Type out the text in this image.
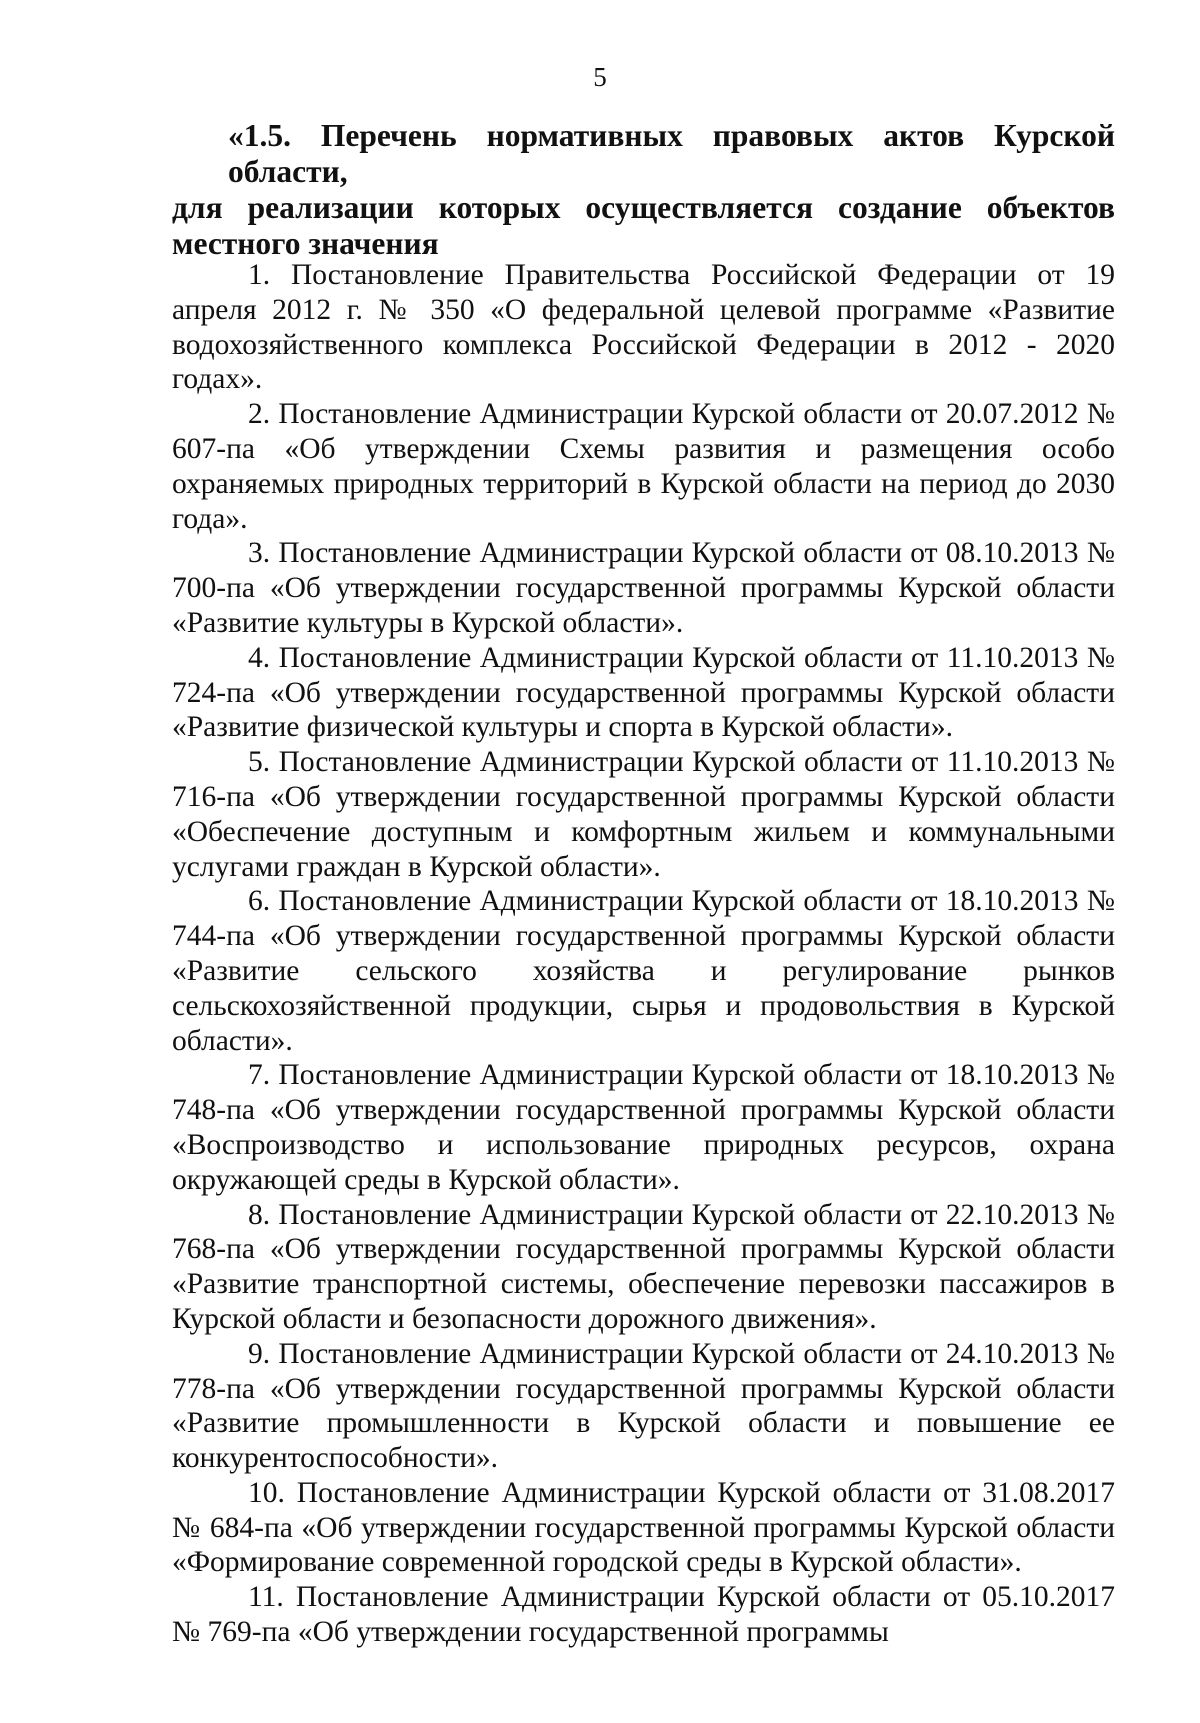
5
«1.5. Перечень нормативных правовых актов Курской области,
для реализации которых осуществляется создание объектов местного значения
1. Постановление Правительства Российской Федерации от 19 апреля 2012 г. № 350 «О федеральной целевой программе «Развитие водохозяйственного комплекса Российской Федерации в 2012 - 2020 годах».
2. Постановление Администрации Курской области от 20.07.2012 № 607-па «Об утверждении Схемы развития и размещения особо охраняемых природных территорий в Курской области на период до 2030 года».
3. Постановление Администрации Курской области от 08.10.2013 № 700-па «Об утверждении государственной программы Курской области «Развитие культуры в Курской области».
4. Постановление Администрации Курской области от 11.10.2013 № 724-па «Об утверждении государственной программы Курской области «Развитие физической культуры и спорта в Курской области».
5. Постановление Администрации Курской области от 11.10.2013 № 716-па «Об утверждении государственной программы Курской области «Обеспечение доступным и комфортным жильем и коммунальными услугами граждан в Курской области».
6. Постановление Администрации Курской области от 18.10.2013 № 744-па «Об утверждении государственной программы Курской области «Развитие сельского хозяйства и регулирование рынков сельскохозяйственной продукции, сырья и продовольствия в Курской области».
7. Постановление Администрации Курской области от 18.10.2013 № 748-па «Об утверждении государственной программы Курской области «Воспроизводство и использование природных ресурсов, охрана окружающей среды в Курской области».
8. Постановление Администрации Курской области от 22.10.2013 № 768-па «Об утверждении государственной программы Курской области «Развитие транспортной системы, обеспечение перевозки пассажиров в Курской области и безопасности дорожного движения».
9. Постановление Администрации Курской области от 24.10.2013 № 778-па «Об утверждении государственной программы Курской области «Развитие промышленности в Курской области и повышение ее конкурентоспособности».
10. Постановление Администрации Курской области от 31.08.2017 № 684-па «Об утверждении государственной программы Курской области «Формирование современной городской среды в Курской области».
11. Постановление Администрации Курской области от 05.10.2017 № 769-па «Об утверждении государственной программы
